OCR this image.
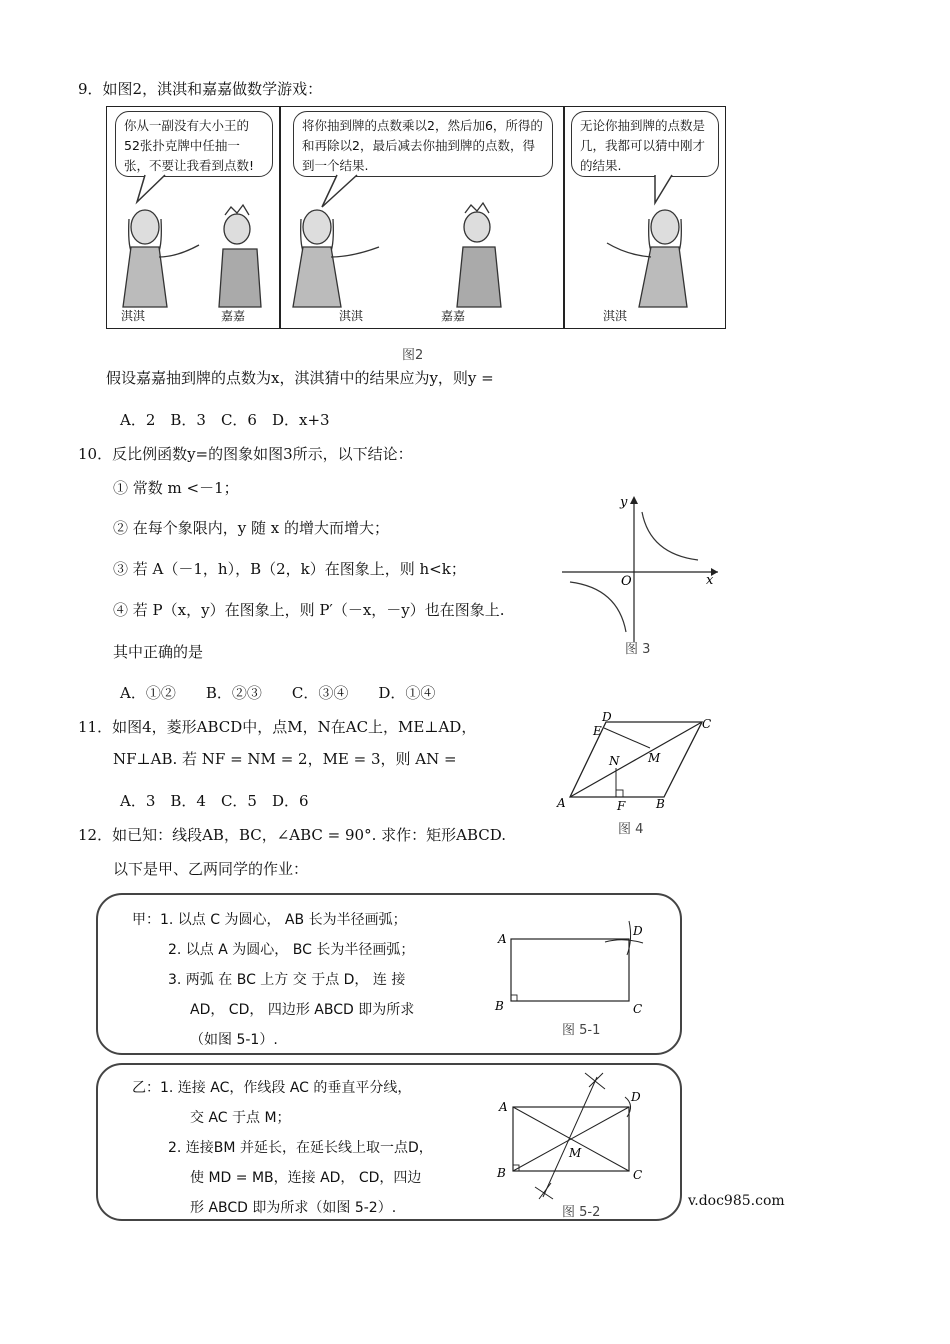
9．如图2，淇淇和嘉嘉做数学游戏：
你从一副没有大小王的52张扑克牌中任抽一张，不要让我看到点数!
将你抽到牌的点数乘以2，然后加6，所得的和再除以2，最后减去你抽到牌的点数，得到一个结果.
无论你抽到牌的点数是几，我都可以猜中刚才的结果.
淇淇	嘉嘉	淇淇	嘉嘉	淇淇
图2
假设嘉嘉抽到牌的点数为x，淇淇猜中的结果应为y，则y =
A．2　B．3　C．6　D．x+3
10．反比例函数y=的图象如图3所示，以下结论：
① 常数 m <－1；
② 在每个象限内，y 随 x 的增大而增大；
③ 若 A（－1，h），B（2，k）在图象上，则 h<k；
④ 若 P（x，y）在图象上，则 P′（－x，－y）也在图象上.
其中正确的是
A．①②　　B．②③　　C．③④　　D．①④
y
x
O
图 3
11．如图4，菱形ABCD中，点M，N在AC上，ME⊥AD，
NF⊥AB. 若 NF = NM = 2，ME = 3，则 AN =
A．3　B．4　C．5　D．6
D	C
E
N M
A	F	B
图 4
12．如已知：线段AB，BC，∠ABC = 90°. 求作：矩形ABCD.
以下是甲、乙两同学的作业：
甲：1. 以点 C 为圆心， AB 长为半径画弧；
2. 以点 A 为圆心， BC 长为半径画弧；
3. 两弧 在 BC 上方 交 于点 D， 连 接
AD， CD， 四边形 ABCD 即为所求
（如图 5-1）.
A
B	C
D
图 5-1
乙：1. 连接 AC，作线段 AC 的垂直平分线，
交 AC 于点 M；
2. 连接BM 并延长，在延长线上取一点D，
使 MD = MB，连接 AD， CD，四边
形 ABCD 即为所求（如图 5-2）.
A
B	C
D
M
图 5-2
v.doc985.com
